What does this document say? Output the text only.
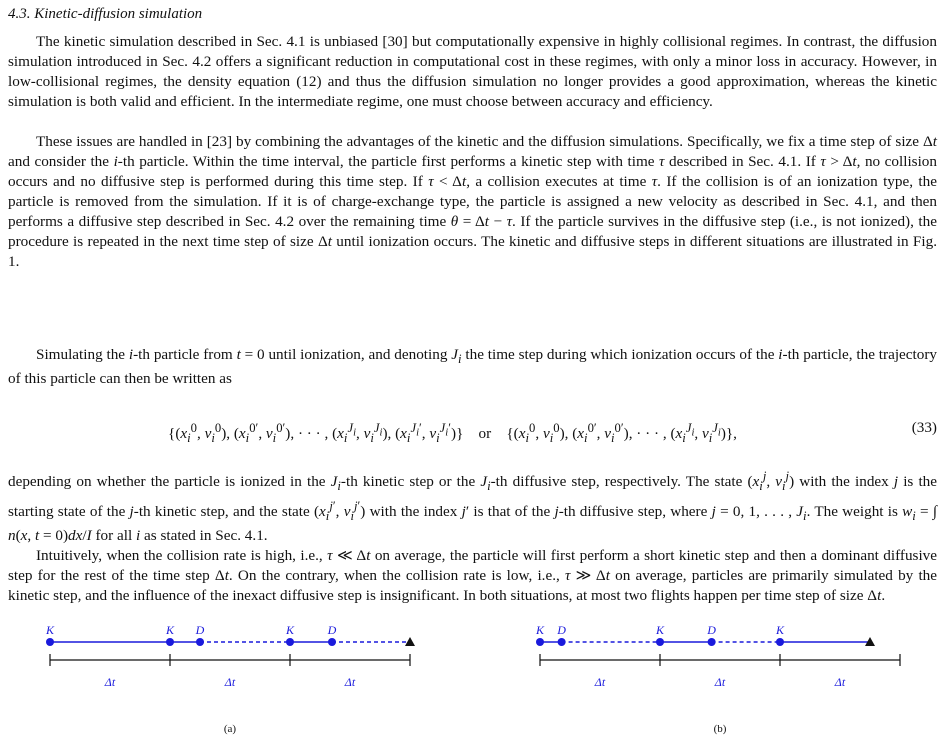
4.3. Kinetic-diffusion simulation

The kinetic simulation described in Sec. 4.1 is unbiased [30] but computationally expensive in highly collisional regimes. In contrast, the diffusion simulation introduced in Sec. 4.2 offers a significant reduction in computational cost in these regimes, with only a minor loss in accuracy. However, in low-collisional regimes, the density equation (12) and thus the diffusion simulation no longer provides a good approximation, whereas the kinetic simulation is both valid and efficient. In the intermediate regime, one must choose between accuracy and efficiency.

These issues are handled in [23] by combining the advantages of the kinetic and the diffusion simulations. Specifically, we fix a time step of size Δt and consider the i-th particle. Within the time interval, the particle first performs a kinetic step with time τ described in Sec. 4.1. If τ > Δt, no collision occurs and no diffusive step is performed during this time step. If τ < Δt, a collision executes at time τ. If the collision is of an ionization type, the particle is removed from the simulation. If it is of charge-exchange type, the particle is assigned a new velocity as described in Sec. 4.1, and then performs a diffusive step described in Sec. 4.2 over the remaining time θ = Δt − τ. If the particle survives in the diffusive step (i.e., is not ionized), the procedure is repeated in the next time step of size Δt until ionization occurs. The kinetic and diffusive steps in different situations are illustrated in Fig. 1.

Simulating the i-th particle from t = 0 until ionization, and denoting $J_i$ the time step during which ionization occurs of the i-th particle, the trajectory of this particle can then be written as

{($x_i^0$, $v_i^0$), ($x_i^{0'}$, $v_i^{0'}$), · · · , ($x_i^{J_i}$, $v_i^{J_i}$), ($x_i^{J_i'}$, $v_i^{J_i'}$)}    or    {($x_i^0$, $v_i^0$), ($x_i^{0'}$, $v_i^{0'}$), · · · , ($x_i^{J_i}$, $v_i^{J_i}$)},	(33)

depending on whether the particle is ionized in the $J_i-th$ kinetic step or the $J_i-th$ diffusive step, respectively. The state ($x_i^j$, $v_i^j$) with the index j is the starting state of the j-th kinetic step, and the state ($x_i^{j'}$, $v_i^{j'}$) with the index j′ is that of the j-th diffusive step, where j = 0, 1, . . . , $J_i$. The weight is $w_i$ = ∫ n(x, t = 0)dx/I for all i as stated in Sec. 4.1.

Intuitively, when the collision rate is high, i.e., τ ≪ Δt on average, the particle will first perform a short kinetic step and then a dominant diffusive step for the rest of the time step Δt. On the contrary, when the collision rate is low, i.e., τ ≫ Δt on average, particles are primarily simulated by the kinetic step, and the influence of the inexact diffusive step is insignificant. In both situations, at most two flights happen per time step of size Δt.

K	K D	K	D
Δt	Δt	Δt
(a)
K D	K	D	K
Δt	Δt	Δt
(b)
